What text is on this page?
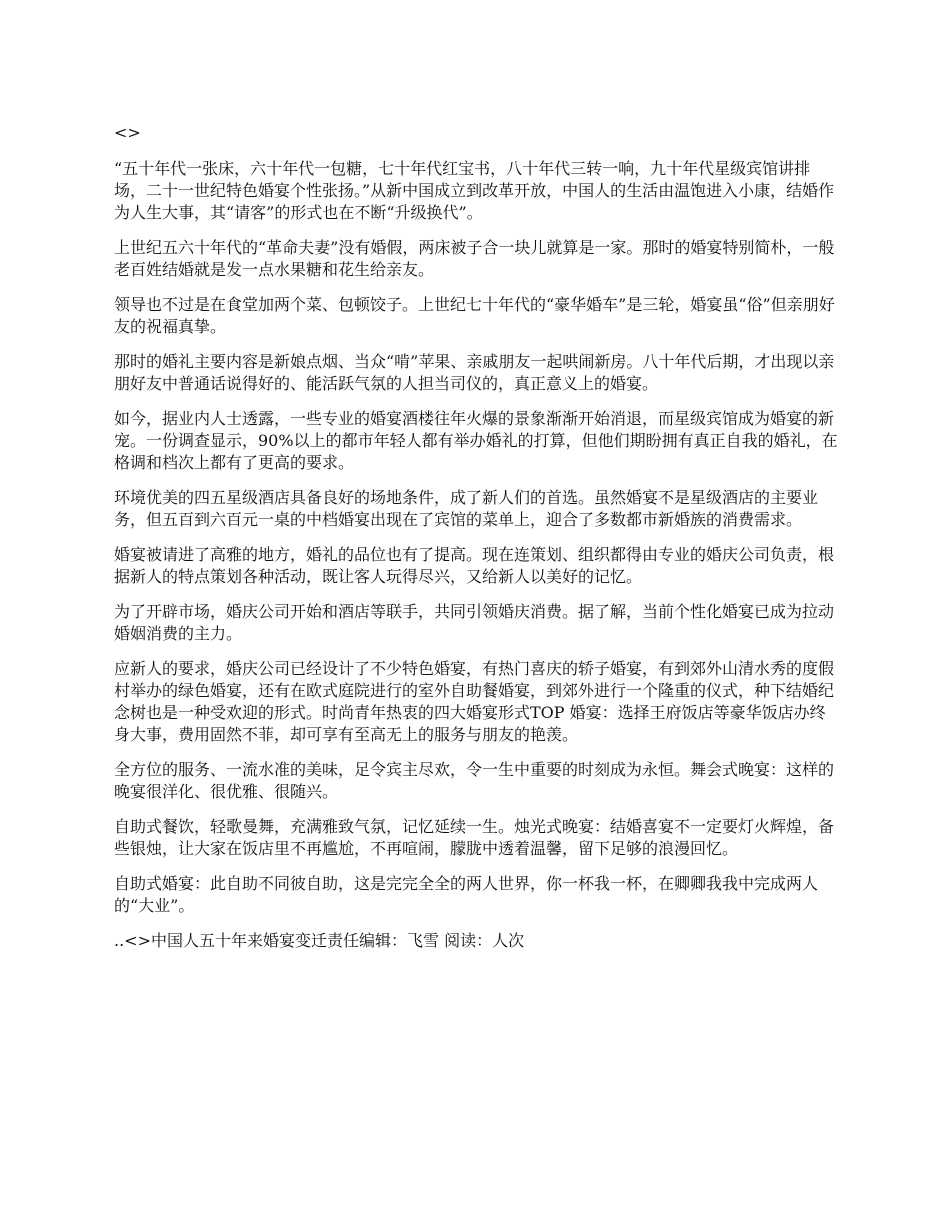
<>

“五十年代一张床，六十年代一包糖，七十年代红宝书，八十年代三转一响，九十年代星级宾馆讲排场，二十一世纪特色婚宴个性张扬。”从新中国成立到改革开放，中国人的生活由温饱进入小康，结婚作为人生大事，其“请客”的形式也在不断“升级换代”。

上世纪五六十年代的“革命夫妻”没有婚假，两床被子合一块儿就算是一家。那时的婚宴特别简朴，一般老百姓结婚就是发一点水果糖和花生给亲友。

领导也不过是在食堂加两个菜、包顿饺子。上世纪七十年代的“豪华婚车”是三轮，婚宴虽“俗”但亲朋好友的祝福真挚。

那时的婚礼主要内容是新娘点烟、当众“啃”苹果、亲戚朋友一起哄闹新房。八十年代后期，才出现以亲朋好友中普通话说得好的、能活跃气氛的人担当司仪的，真正意义上的婚宴。

如今，据业内人士透露，一些专业的婚宴酒楼往年火爆的景象渐渐开始消退，而星级宾馆成为婚宴的新宠。一份调查显示，90%以上的都市年轻人都有举办婚礼的打算，但他们期盼拥有真正自我的婚礼，在格调和档次上都有了更高的要求。

环境优美的四五星级酒店具备良好的场地条件，成了新人们的首选。虽然婚宴不是星级酒店的主要业务，但五百到六百元一桌的中档婚宴出现在了宾馆的菜单上，迎合了多数都市新婚族的消费需求。

婚宴被请进了高雅的地方，婚礼的品位也有了提高。现在连策划、组织都得由专业的婚庆公司负责，根据新人的特点策划各种活动，既让客人玩得尽兴，又给新人以美好的记忆。

为了开辟市场，婚庆公司开始和酒店等联手，共同引领婚庆消费。据了解，当前个性化婚宴已成为拉动婚姻消费的主力。

应新人的要求，婚庆公司已经设计了不少特色婚宴，有热门喜庆的轿子婚宴，有到郊外山清水秀的度假村举办的绿色婚宴，还有在欧式庭院进行的室外自助餐婚宴，到郊外进行一个隆重的仪式，种下结婚纪念树也是一种受欢迎的形式。时尚青年热衷的四大婚宴形式TOP 婚宴：选择王府饭店等豪华饭店办终身大事，费用固然不菲，却可享有至高无上的服务与朋友的艳羡。

全方位的服务、一流水准的美味，足令宾主尽欢，令一生中重要的时刻成为永恒。舞会式晚宴：这样的晚宴很洋化、很优雅、很随兴。

自助式餐饮，轻歌曼舞，充满雅致气氛，记忆延续一生。烛光式晚宴：结婚喜宴不一定要灯火辉煌，备些银烛，让大家在饭店里不再尴尬，不再喧闹，朦胧中透着温馨，留下足够的浪漫回忆。

自助式婚宴：此自助不同彼自助，这是完完全全的两人世界，你一杯我一杯，在卿卿我我中完成两人的“大业”。

..<>中国人五十年来婚宴变迁责任编辑：飞雪 阅读：人次
